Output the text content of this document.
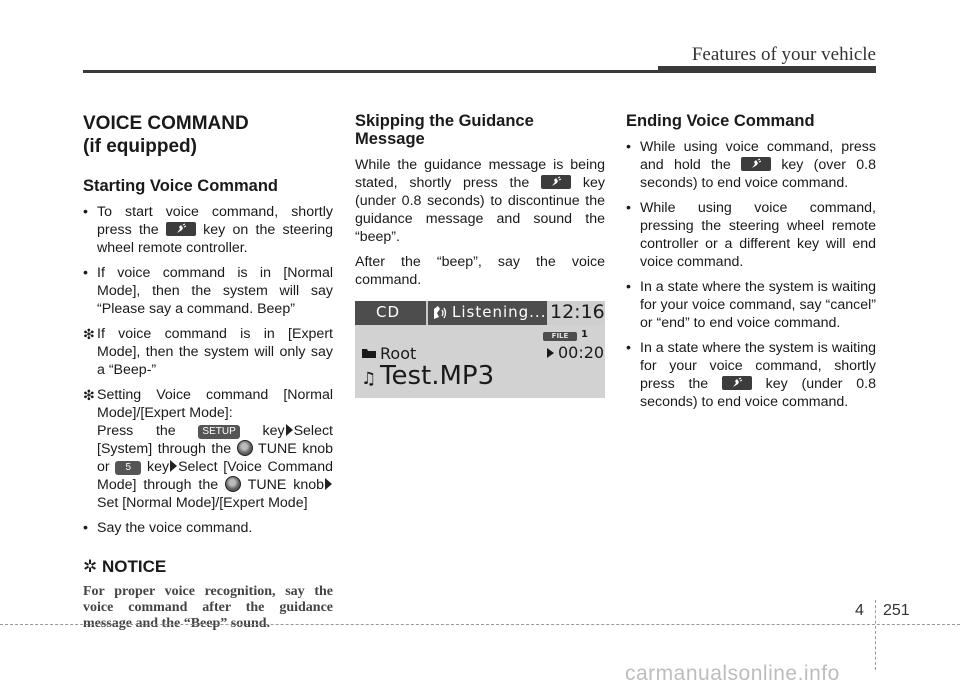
Features of your vehicle
VOICE COMMAND
(if equipped)
Starting Voice Command
• To start voice command, shortly press the	key on the steering wheel remote controller.
• If voice command is in [Normal Mode], then the system will say “Please say a command. Beep”
❇ If voice command is in [Expert Mode], then the system will only say a “Beep-”
❇ Setting Voice command [Normal Mode]/[Expert Mode]:
Press the	SETUP key Select [System] through the TUNE knob or 5 key Select [Voice Command Mode] through the TUNE knobSet [Normal Mode]/[Expert Mode]
• Say the voice command.
✲ NOTICE
For proper voice recognition, say the voice command after the guidance message and the “Beep” sound.
Skipping the Guidance Message

While the guidance message is being stated, shortly press the	key (under 0.8 seconds) to discontinue the guidance message and sound the “beep”.

After the “beep”, say the voice command.

CD	Listening... 12:16
FILE	1
Root	00:20
♫ Test.MP3
Ending Voice Command
• While using voice command, press and hold the	key (over 0.8 seconds) to end voice command.
• While using voice command, pressing the steering wheel remote controller or a different key will end voice command.
• In a state where the system is waiting for your voice command, say “cancel” or “end” to end voice command.
• In a state where the system is waiting for your voice command, shortly press the	key (under 0.8 seconds) to end voice command.
4 251
carmanualsonline.info
